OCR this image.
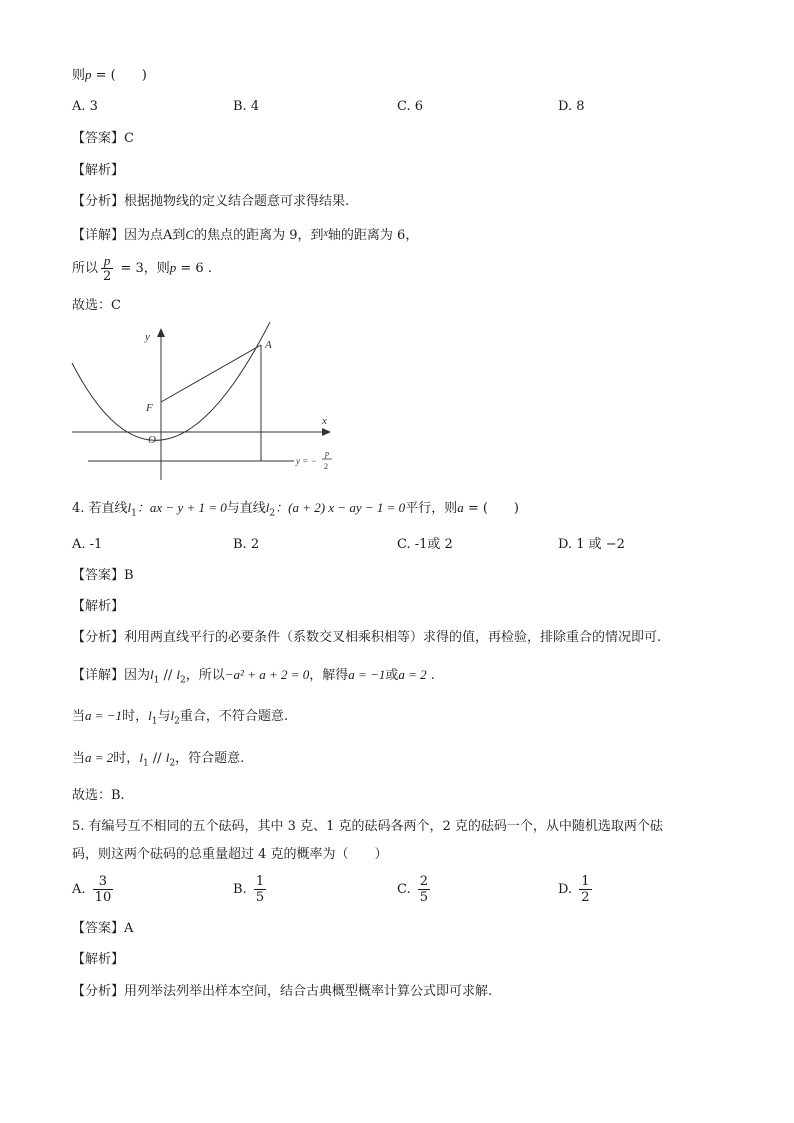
则p = (　　)
A. 3	B. 4	C. 6	D. 8
【答案】C
【解析】
【分析】根据抛物线的定义结合题意可求得结果.
【详解】因为点A到C的焦点的距离为 9，到$^x$轴的距离为 6，
所以 $\frac{p}{2} = 3$，则p = 6 .
故选：C
y
x
A
F
O
y = −
p
2
4. 若直线$l_1$：ax − y + 1 = 0与直线$l_2$：(a + 2) x − ay − 1 = 0平行，则a = (　　)
A. -1	B. 2	C. -1或 2	D. 1 或 −2
【答案】B
【解析】
【分析】利用两直线平行的必要条件（系数交叉相乘积相等）求得的值，再检验，排除重合的情况即可.
【详解】因为$l_1 // l_2$，所以−a² + a + 2 = 0，解得a = −1或a = 2 .
当a = −1时，$l_1$与$l_2$重合，不符合题意.
当a = 2时，$l_1 // l_2$，符合题意.
故选：B.
5. 有编号互不相同的五个砝码，其中 3 克、1 克的砝码各两个，2 克的砝码一个，从中随机选取两个砝
码，则这两个砝码的总重量超过 4 克的概率为（　　）
A. $\frac{3}{10}$	B. $\frac{1}{5}$	C. $\frac{2}{5}$	D. $\frac{1}{2}$
【答案】A
【解析】
【分析】用列举法列举出样本空间，结合古典概型概率计算公式即可求解.
